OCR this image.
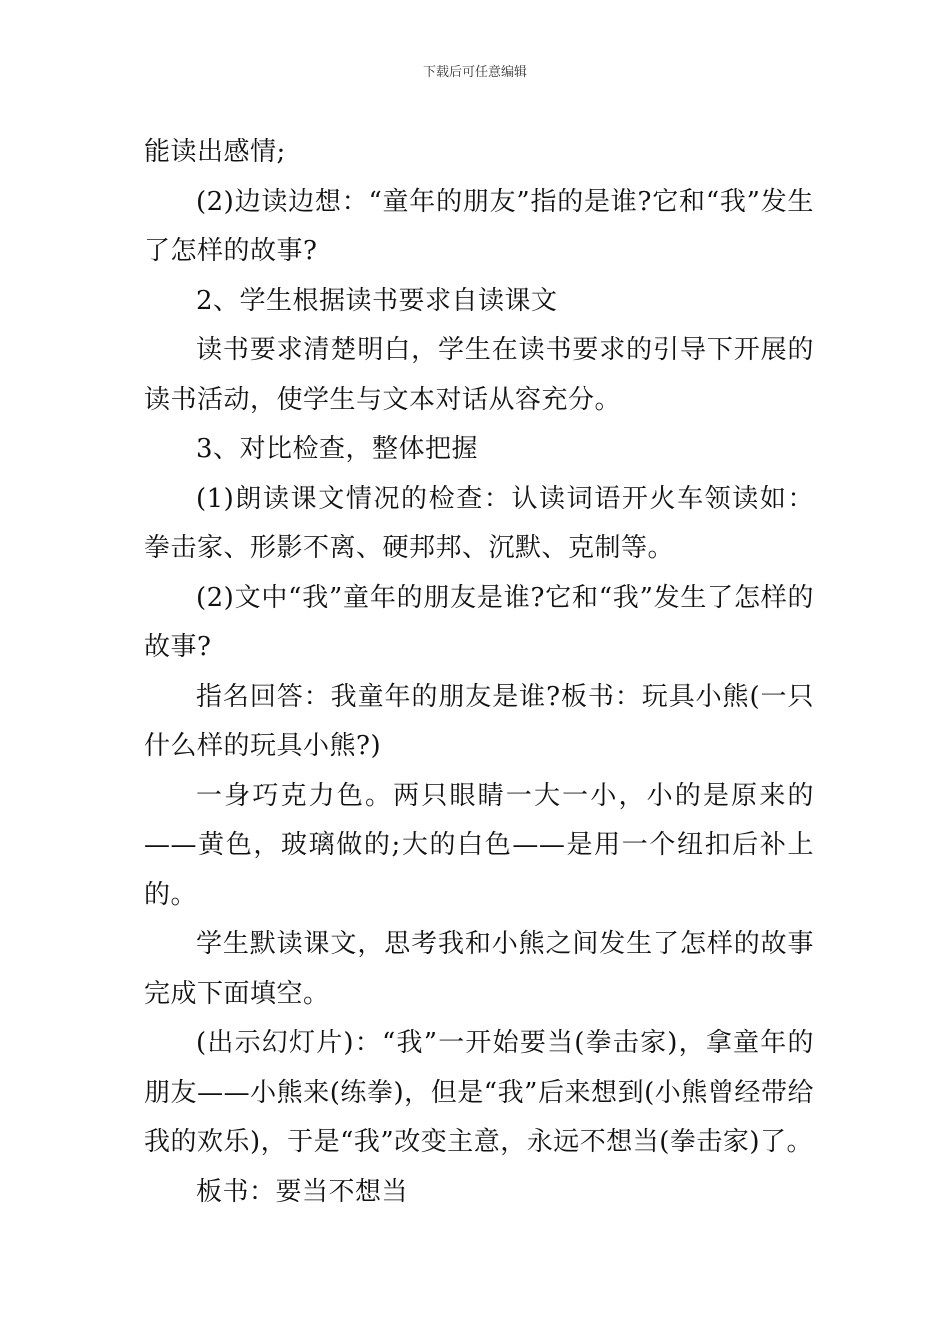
下载后可任意编辑

能读出感情;

(2)边读边想：“童年的朋友”指的是谁?它和“我”发生了怎样的故事?

2、学生根据读书要求自读课文

读书要求清楚明白，学生在读书要求的引导下开展的读书活动，使学生与文本对话从容充分。

3、对比检查，整体把握

(1)朗读课文情况的检查：认读词语开火车领读如：拳击家、形影不离、硬邦邦、沉默、克制等。

(2)文中“我”童年的朋友是谁?它和“我”发生了怎样的故事?

指名回答：我童年的朋友是谁?板书：玩具小熊(一只什么样的玩具小熊?)

一身巧克力色。两只眼睛一大一小，小的是原来的——黄色，玻璃做的;大的白色——是用一个纽扣后补上的。

学生默读课文，思考我和小熊之间发生了怎样的故事完成下面填空。

(出示幻灯片)：“我”一开始要当(拳击家)，拿童年的朋友——小熊来(练拳)，但是“我”后来想到(小熊曾经带给我的欢乐)，于是“我”改变主意，永远不想当(拳击家)了。

板书：要当不想当
